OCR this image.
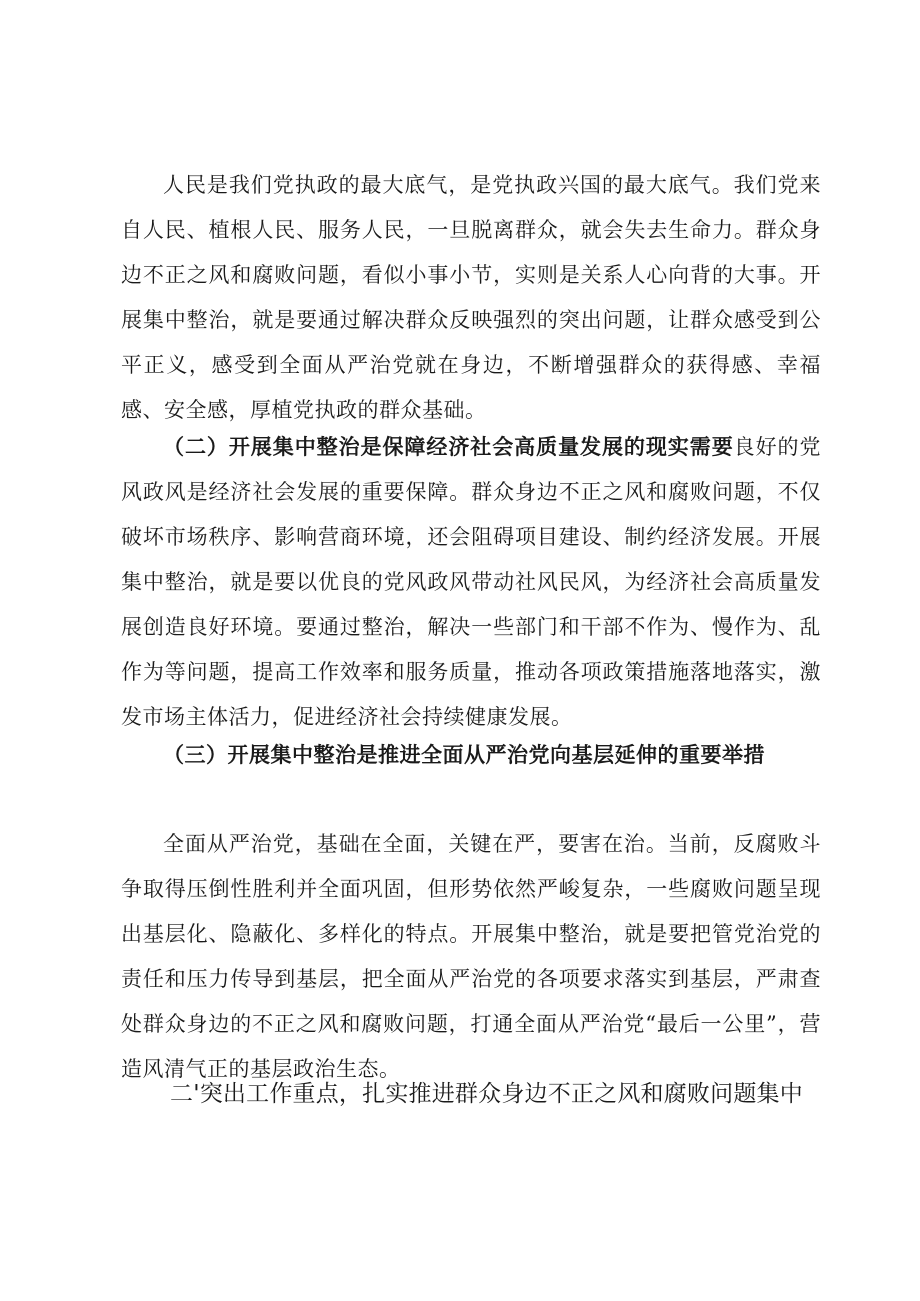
人民是我们党执政的最大底气，是党执政兴国的最大底气。我们党来自人民、植根人民、服务人民，一旦脱离群众，就会失去生命力。群众身边不正之风和腐败问题，看似小事小节，实则是关系人心向背的大事。开展集中整治，就是要通过解决群众反映强烈的突出问题，让群众感受到公平正义，感受到全面从严治党就在身边，不断增强群众的获得感、幸福感、安全感，厚植党执政的群众基础。

（二）开展集中整治是保障经济社会高质量发展的现实需要良好的党风政风是经济社会发展的重要保障。群众身边不正之风和腐败问题，不仅破坏市场秩序、影响营商环境，还会阻碍项目建设、制约经济发展。开展集中整治，就是要以优良的党风政风带动社风民风，为经济社会高质量发展创造良好环境。要通过整治，解决一些部门和干部不作为、慢作为、乱作为等问题，提高工作效率和服务质量，推动各项政策措施落地落实，激发市场主体活力，促进经济社会持续健康发展。

（三）开展集中整治是推进全面从严治党向基层延伸的重要举措

全面从严治党，基础在全面，关键在严，要害在治。当前，反腐败斗争取得压倒性胜利并全面巩固，但形势依然严峻复杂，一些腐败问题呈现出基层化、隐蔽化、多样化的特点。开展集中整治，就是要把管党治党的责任和压力传导到基层，把全面从严治党的各项要求落实到基层，严肃查处群众身边的不正之风和腐败问题，打通全面从严治党“最后一公里”，营造风清气正的基层政治生态。

二'突出工作重点，扎实推进群众身边不正之风和腐败问题集中
